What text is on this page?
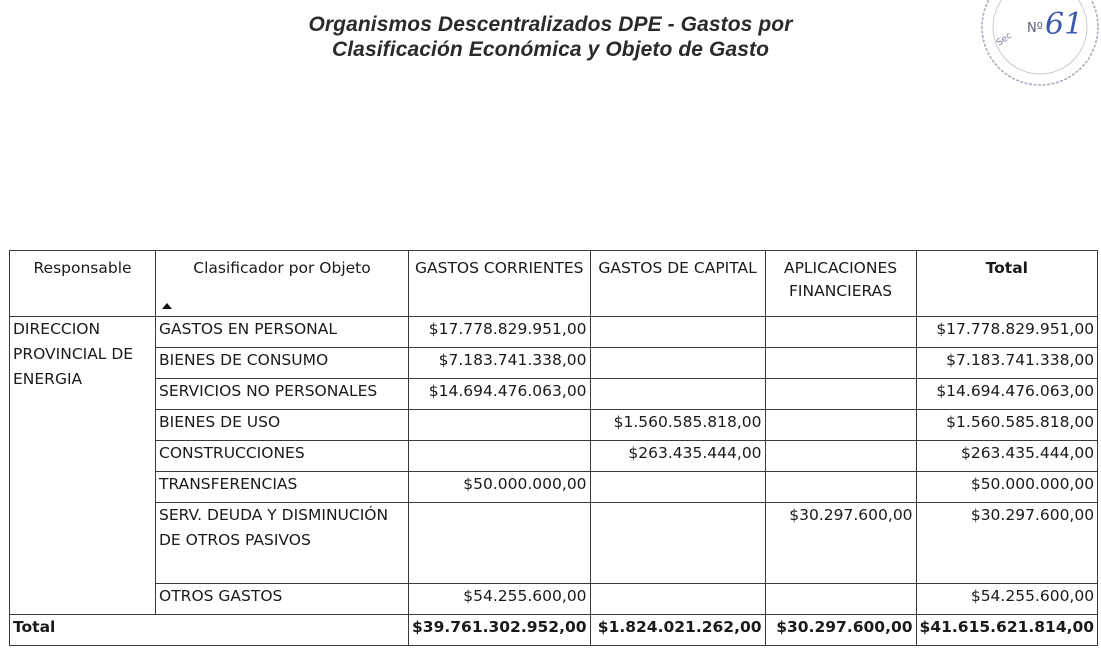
Organismos Descentralizados DPE - Gastos por
Clasificación Económica y Objeto de Gasto	Sec
Nº 61
Responsable	Clasificador por Objeto	GASTOS CORRIENTES	GASTOS DE CAPITAL	APLICACIONES FINANCIERAS	Total
DIRECCION PROVINCIAL DE ENERGIA	GASTOS EN PERSONAL	$17.778.829.951,00			$17.778.829.951,00
	BIENES DE CONSUMO	$7.183.741.338,00			$7.183.741.338,00
	SERVICIOS NO PERSONALES	$14.694.476.063,00			$14.694.476.063,00
	BIENES DE USO		$1.560.585.818,00		$1.560.585.818,00
	CONSTRUCCIONES		$263.435.444,00		$263.435.444,00
	TRANSFERENCIAS	$50.000.000,00			$50.000.000,00
	SERV. DEUDA Y DISMINUCIÓN DE OTROS PASIVOS			$30.297.600,00	$30.297.600,00
	OTROS GASTOS	$54.255.600,00			$54.255.600,00
Total		$39.761.302.952,00	$1.824.021.262,00	$30.297.600,00	$41.615.621.814,00
